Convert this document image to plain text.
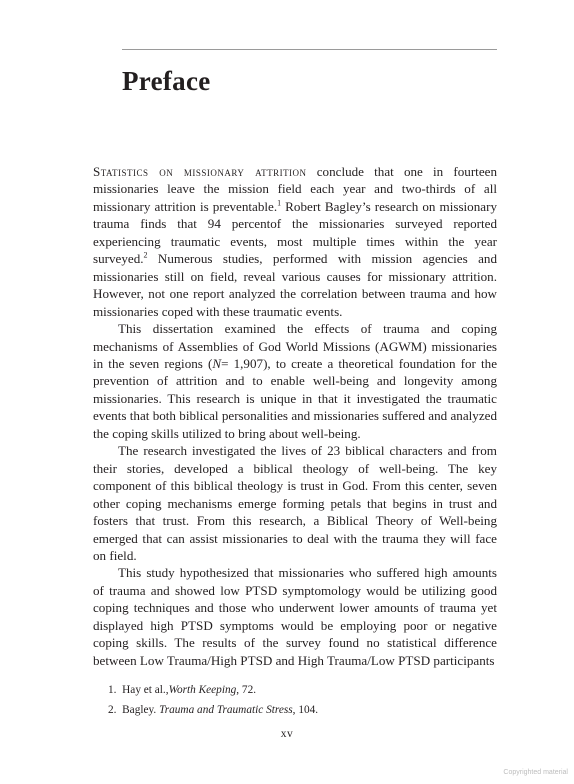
Preface

Statistics on missionary attrition conclude that one in fourteen missionaries leave the mission field each year and two-thirds of all missionary attrition is preventable.$^1$ Robert Bagley’s research on missionary trauma finds that 94 percentof the missionaries surveyed reported experiencing traumatic events, most multiple times within the year surveyed.$^2$ Numerous studies, performed with mission agencies and missionaries still on field, reveal various causes for missionary attrition. However, not one report analyzed the correlation between trauma and how missionaries coped with these traumatic events.

This dissertation examined the effects of trauma and coping mechanisms of Assemblies of God World Missions (AGWM) missionaries in the seven regions (N= 1,907), to create a theoretical foundation for the prevention of attrition and to enable well-being and longevity among missionaries. This research is unique in that it investigated the traumatic events that both biblical personalities and missionaries suffered and analyzed the coping skills utilized to bring about well-being.

The research investigated the lives of 23 biblical characters and from their stories, developed a biblical theology of well-being. The key component of this biblical theology is trust in God. From this center, seven other coping mechanisms emerge forming petals that begins in trust and fosters that trust. From this research, a Biblical Theory of Well-being emerged that can assist missionaries to deal with the trauma they will face on field.

This study hypothesized that missionaries who suffered high amounts of trauma and showed low PTSD symptomology would be utilizing good coping techniques and those who underwent lower amounts of trauma yet displayed high PTSD symptoms would be employing poor or negative coping skills. The results of the survey found no statistical difference between Low Trauma/High PTSD and High Trauma/Low PTSD participants

1. Hay et al.,Worth Keeping, 72.
2. Bagley. Trauma and Traumatic Stress, 104.
xv
Copyrighted material
